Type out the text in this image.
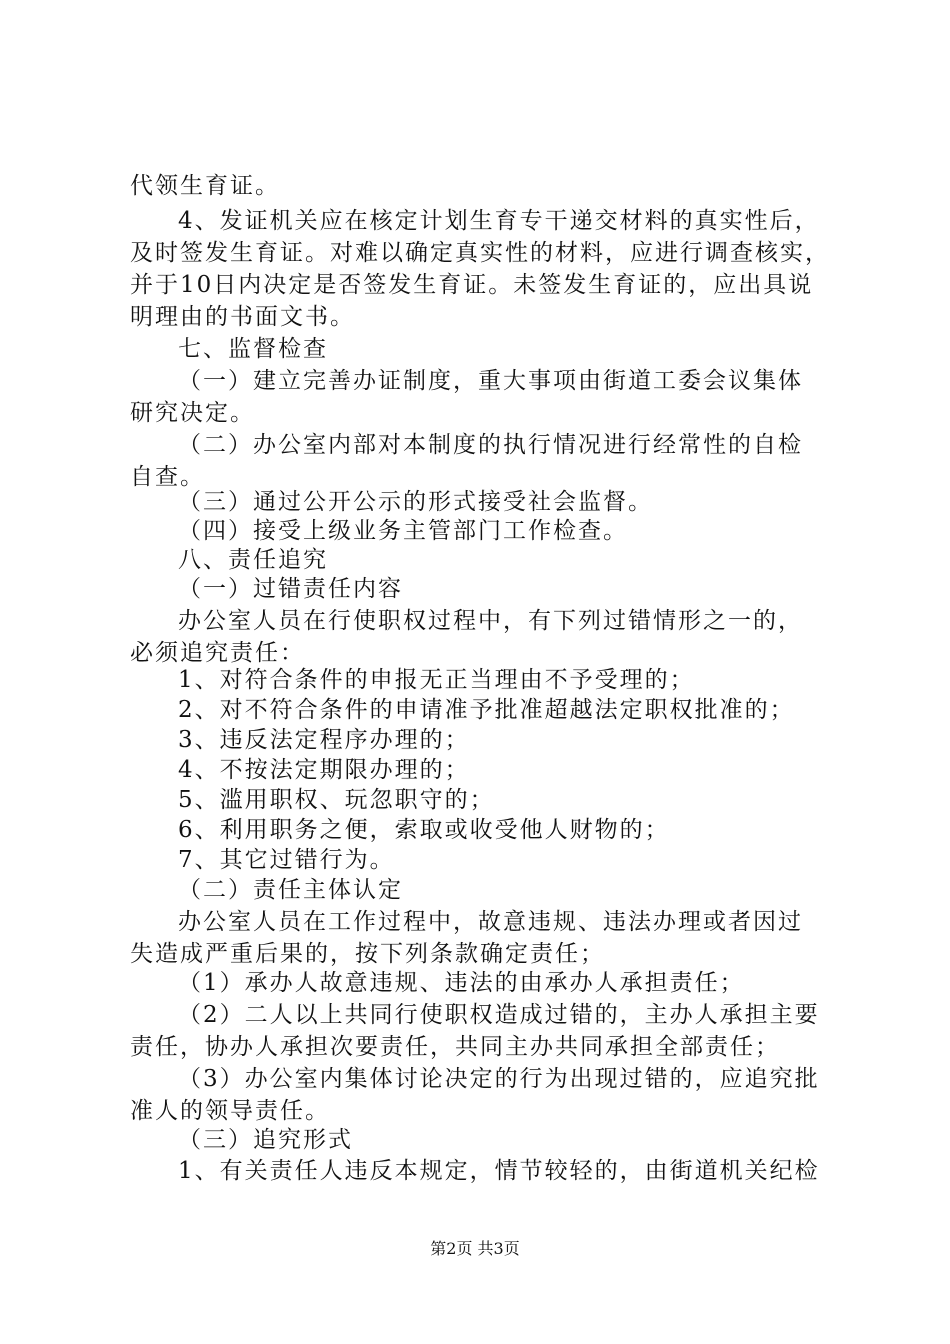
代领生育证。
4、发证机关应在核定计划生育专干递交材料的真实性后，
及时签发生育证。对难以确定真实性的材料，应进行调查核实，
并于10日内决定是否签发生育证。未签发生育证的，应出具说
明理由的书面文书。
七、监督检查
（一）建立完善办证制度，重大事项由街道工委会议集体
研究决定。
（二）办公室内部对本制度的执行情况进行经常性的自检
自查。
（三）通过公开公示的形式接受社会监督。
（四）接受上级业务主管部门工作检查。
八、责任追究
（一）过错责任内容
办公室人员在行使职权过程中，有下列过错情形之一的，
必须追究责任：
1、对符合条件的申报无正当理由不予受理的；
2、对不符合条件的申请准予批准超越法定职权批准的；
3、违反法定程序办理的；
4、不按法定期限办理的；
5、滥用职权、玩忽职守的；
6、利用职务之便，索取或收受他人财物的；
7、其它过错行为。
（二）责任主体认定
办公室人员在工作过程中，故意违规、违法办理或者因过
失造成严重后果的，按下列条款确定责任；
（1）承办人故意违规、违法的由承办人承担责任；
（2）二人以上共同行使职权造成过错的，主办人承担主要
责任，协办人承担次要责任，共同主办共同承担全部责任；
（3）办公室内集体讨论决定的行为出现过错的，应追究批
准人的领导责任。
（三）追究形式
1、有关责任人违反本规定，情节较轻的，由街道机关纪检
第2页 共3页
